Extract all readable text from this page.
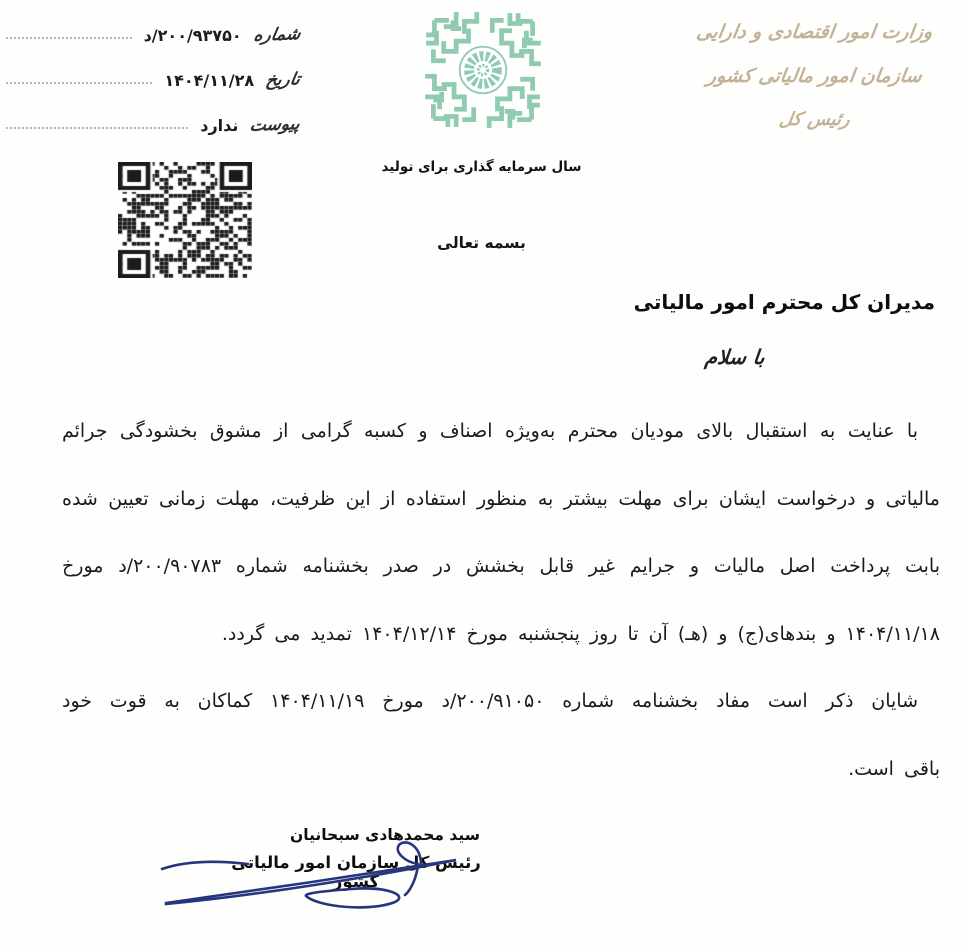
شماره
۲۰۰/۹۳۷۵۰/د
تاریخ
۱۴۰۴/۱۱/۲۸
پیوست
ندارد
وزارت امور اقتصادی و دارایی
سازمان امور مالیاتی کشور
رئیس کل
سال سرمایه گذاری برای تولید
بسمه تعالی
مدیران کل محترم امور مالیاتی
با سلام
با عنایت به استقبال بالای مودیان محترم به‌ویژه اصناف و کسبه گرامی از مشوق بخشودگی جرائم
مالیاتی و درخواست ایشان برای مهلت بیشتر به منظور استفاده از این ظرفیت، مهلت زمانی تعیین شده
بابت پرداخت اصل مالیات و جرایم غیر قابل بخشش در صدر بخشنامه شماره ۲۰۰/۹۰۷۸۳/د مورخ
۱۴۰۴/۱۱/۱۸ و بندهای(ج) و (هـ) آن تا روز پنجشنبه مورخ ۱۴۰۴/۱۲/۱۴ تمدید می گردد.
شایان ذکر است مفاد بخشنامه شماره ۲۰۰/۹۱۰۵۰/د مورخ ۱۴۰۴/۱۱/۱۹ کماکان به قوت خود
باقی است.
سید محمدهادی سبحانیان
رئیس کل سازمان امور مالیاتی کشور
